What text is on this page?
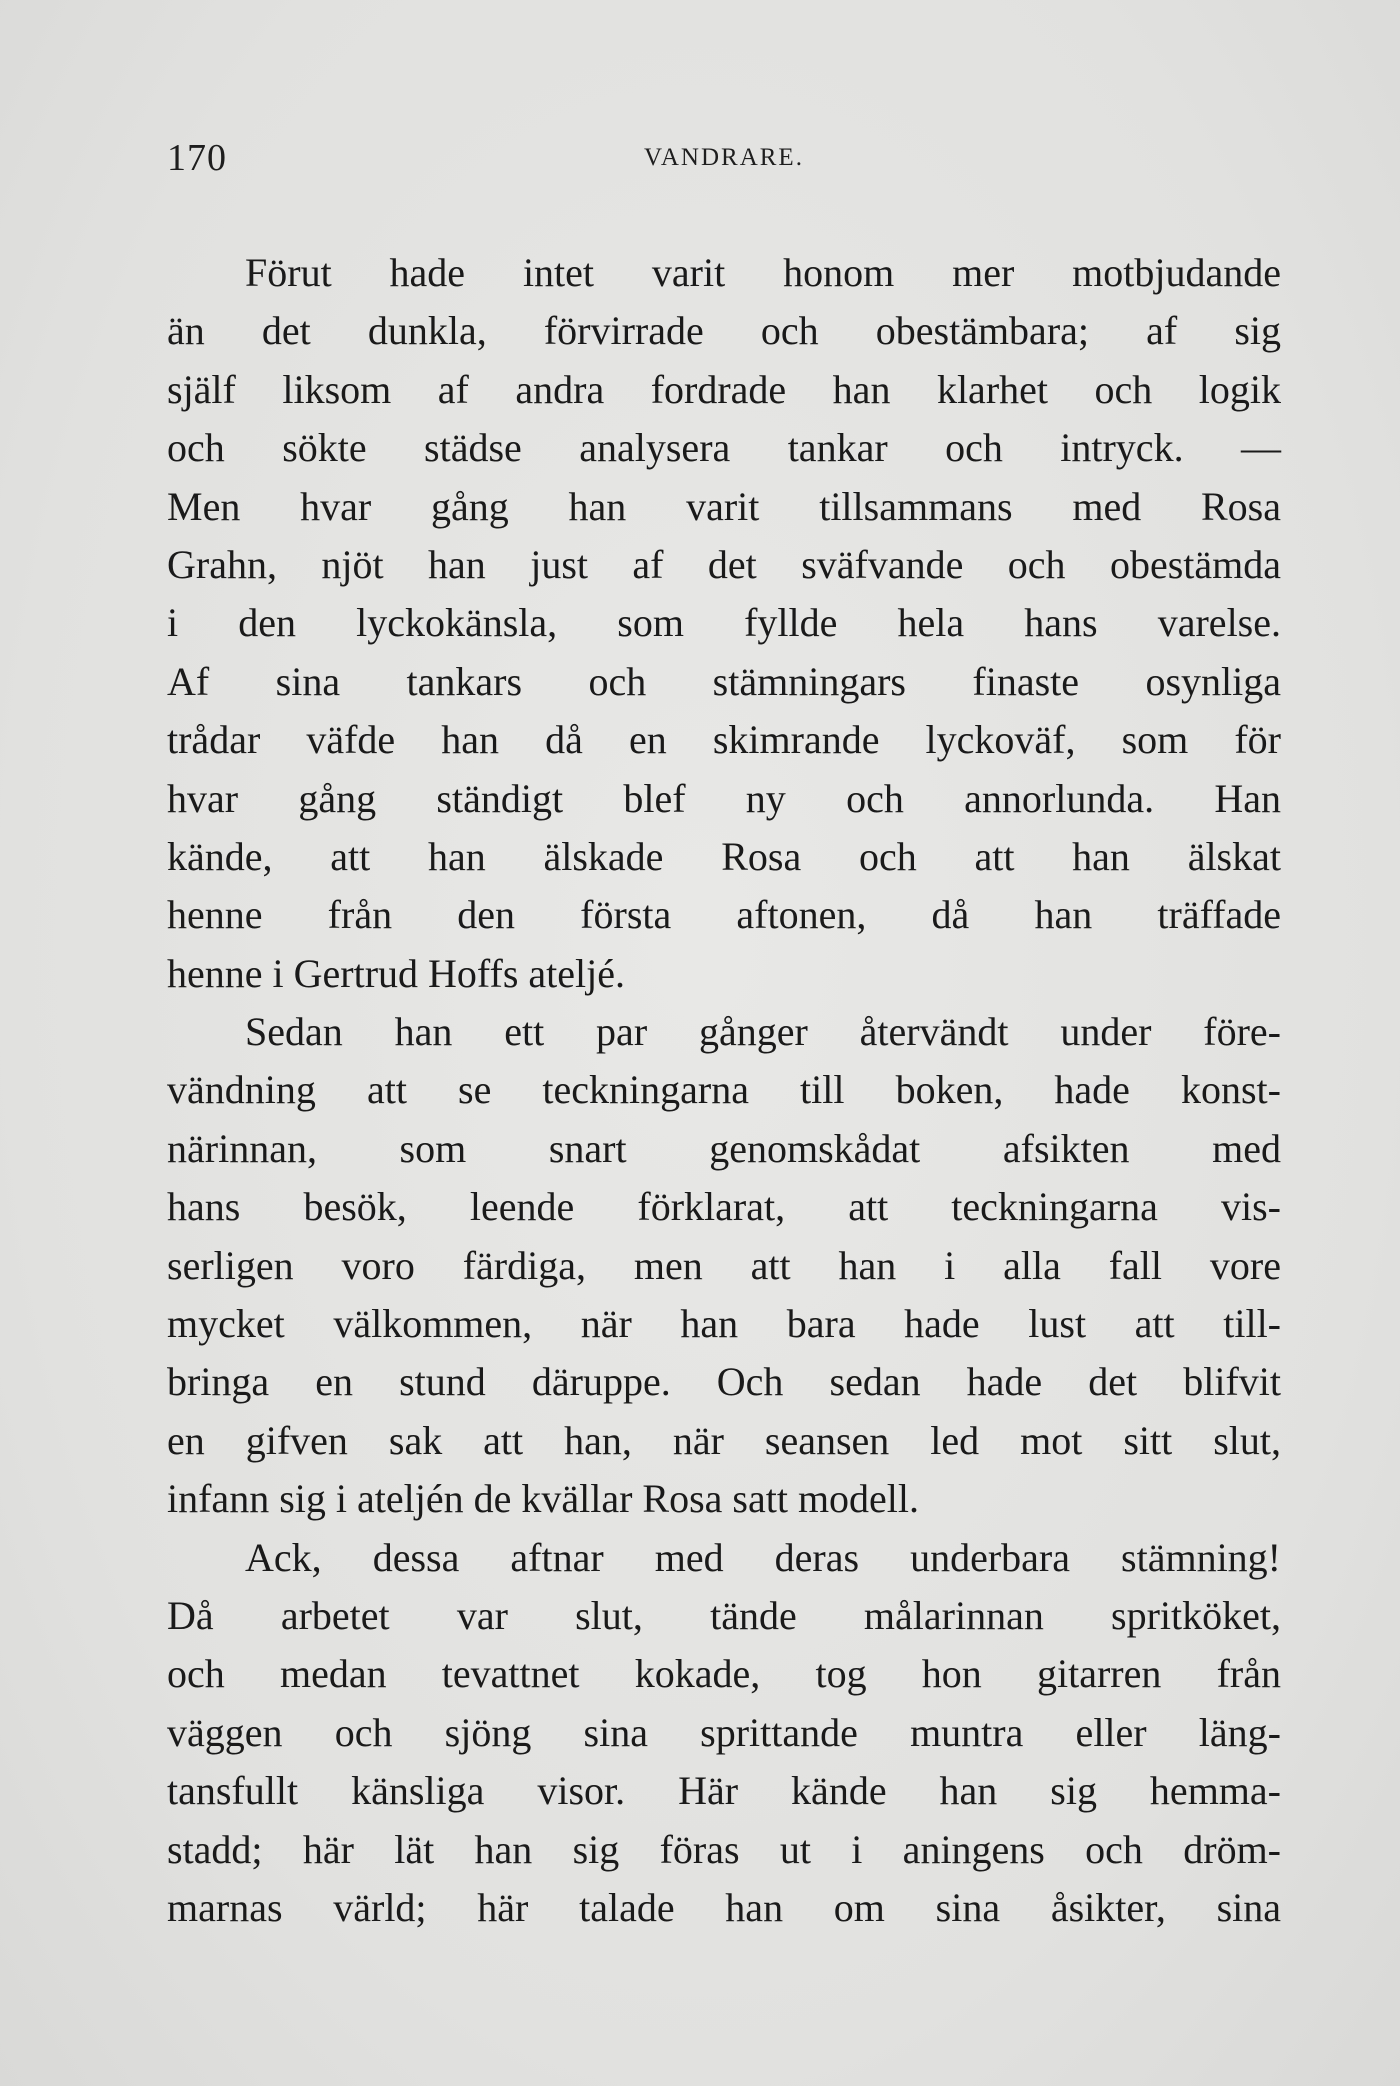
170	VANDRARE.
Förut hade intet varit honom mer motbjudande
än det dunkla, förvirrade och obestämbara; af sig
själf liksom af andra fordrade han klarhet och logik
och sökte städse analysera tankar och intryck. —
Men hvar gång han varit tillsammans med Rosa
Grahn, njöt han just af det sväfvande och obestämda
i den lyckokänsla, som fyllde hela hans varelse.
Af sina tankars och stämningars finaste osynliga
trådar väfde han då en skimrande lyckoväf, som för
hvar gång ständigt blef ny och annorlunda. Han
kände, att han älskade Rosa och att han älskat
henne från den första aftonen, då han träffade
henne i Gertrud Hoffs ateljé.
Sedan han ett par gånger återvändt under före-
vändning att se teckningarna till boken, hade konst-
närinnan, som snart genomskådat afsikten med
hans besök, leende förklarat, att teckningarna vis-
serligen voro färdiga, men att han i alla fall vore
mycket välkommen, när han bara hade lust att till-
bringa en stund däruppe. Och sedan hade det blifvit
en gifven sak att han, när seansen led mot sitt slut,
infann sig i ateljén de kvällar Rosa satt modell.
Ack, dessa aftnar med deras underbara stämning!
Då arbetet var slut, tände målarinnan spritköket,
och medan tevattnet kokade, tog hon gitarren från
väggen och sjöng sina sprittande muntra eller läng-
tansfullt känsliga visor. Här kände han sig hemma-
stadd; här lät han sig föras ut i aningens och dröm-
marnas värld; här talade han om sina åsikter, sina
